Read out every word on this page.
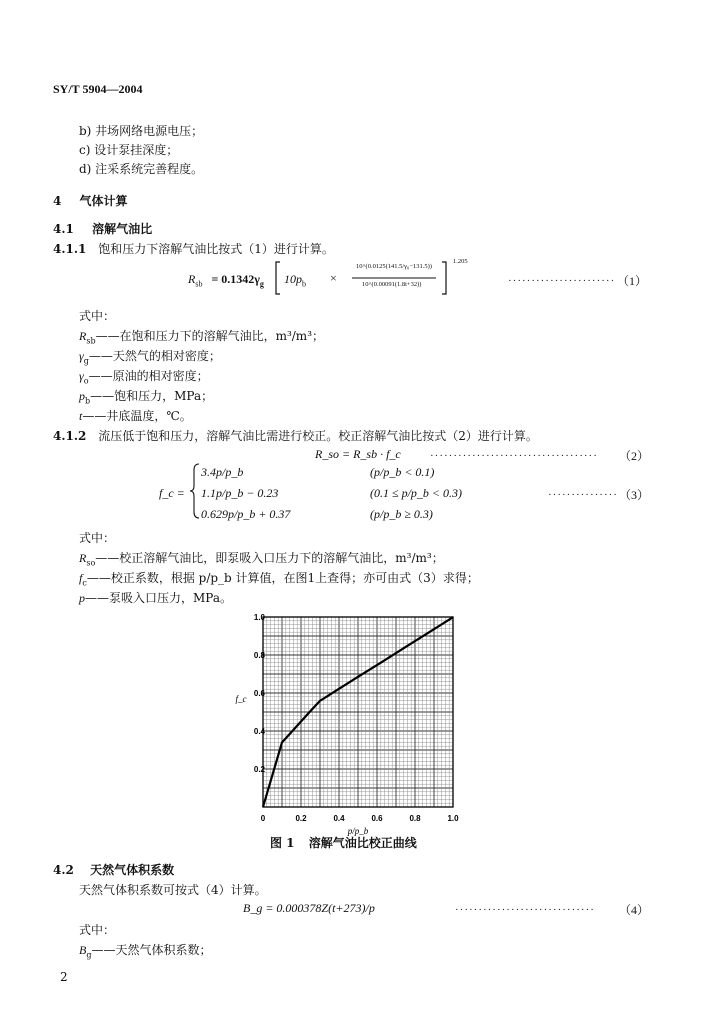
SY/T 5904—2004
b) 井场网络电源电压；
c) 设计泵挂深度；
d) 注采系统完善程度。
4 气体计算
4.1 溶解气油比
4.1.1 饱和压力下溶解气油比按式（1）进行计算。
$R_{sb} = 0.1342\gamma_g$ $10p_b$ ×
10^(0.0125(141.5/γ₀−131.5))
10^(0.00091(1.8t+32))
1.205
······················· （1）
式中：
$R_{sb}——$在饱和压力下的溶解气油比，m³/m³；
$\gamma_g——$天然气的相对密度；
$\gamma_o——$原油的相对密度；
$p_b——$饱和压力，MPa；
t——井底温度，℃。
4.1.2 流压低于饱和压力，溶解气油比需进行校正。校正溶解气油比按式（2）进行计算。
R_so = R_sb · f_c	···································· （2）
f_c =
3.4p/p_b	(p/p_b < 0.1)
1.1p/p_b − 0.23	(0.1 ≤ p/p_b < 0.3)
0.629p/p_b + 0.37	(p/p_b ≥ 0.3)
··············· （3）
式中：
$R_{so}——$校正溶解气油比，即泵吸入口压力下的溶解气油比，m³/m³；
$f_c——$校正系数，根据 p/p_b 计算值，在图1上查得；亦可由式（3）求得；
p——泵吸入口压力，MPa。
0	0.2	0.4	0.6	0.8	1.0
0.2
0.4
0.6
0.8
1.0
p/p_b
f_c
图 1 溶解气油比校正曲线
4.2 天然气体积系数
天然气体积系数可按式（4）计算。
B_g = 0.000378Z(t+273)/p	······························ （4）
式中：
$B_g——$天然气体积系数；
2
